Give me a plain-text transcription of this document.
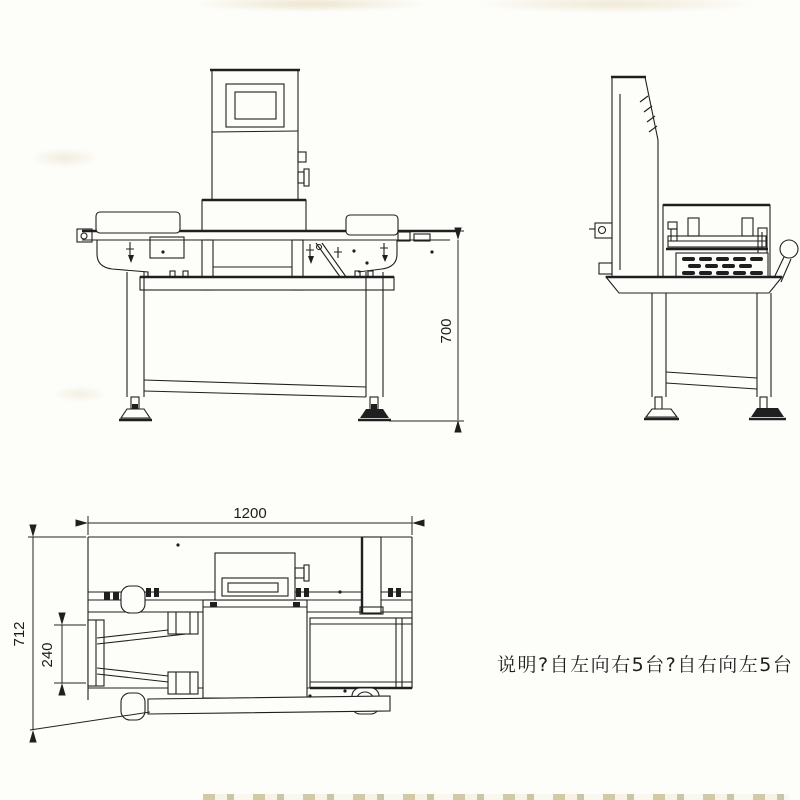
700
1200
712
240	说明?自左向右5台?自右向左5台
